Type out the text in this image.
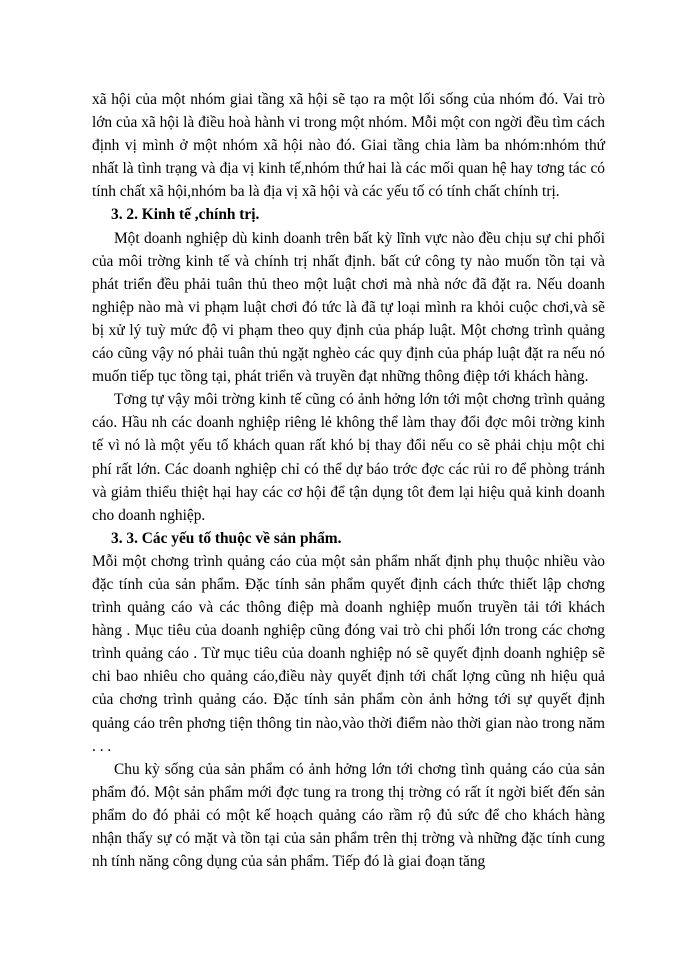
xã hội của một nhóm giai tầng xã hội sẽ tạo ra một lối sống của nhóm đó. Vai trò lớn của xã hội là điều hoà hành vi trong một nhóm. Mỗi một con ngời đều tìm cách định vị mình ở một nhóm xã hội nào đó. Giai tầng chia làm ba nhóm:nhóm thứ nhất là tình trạng và địa vị kinh tế,nhóm thứ hai là các mối quan hệ hay tơng tác có tính chất xã hội,nhóm ba là địa vị xã hội và các yếu tố có tính chất chính trị.

3. 2. Kinh tế ,chính trị.

Một doanh nghiệp dù kinh doanh trên bất kỳ lĩnh vực nào đều chịu sự chi phối của môi trờng kinh tế và chính trị nhất định. bất cứ công ty nào muốn tồn tại và phát triển đều phải tuân thủ theo một luật chơi mà nhà nớc đã đặt ra. Nếu doanh nghiệp nào mà vi phạm luật chơi đó tức là đã tự loại mình ra khỏi cuộc chơi,và sẽ bị xử lý tuỳ mức độ vi phạm theo quy định của pháp luật. Một chơng trình quảng cáo cũng vậy nó phải tuân thủ ngặt nghèo các quy định của pháp luật đặt ra nếu nó muốn tiếp tục tồng tại, phát triển và truyền đạt những thông điệp tới khách hàng.

Tơng tự vậy môi trờng kinh tế cũng có ảnh hởng lớn tới một chơng trình quảng cáo. Hầu nh các doanh nghiệp riêng lẻ không thể làm thay đổi đợc môi trờng kinh tế vì nó là một yếu tố khách quan rất khó bị thay đổi nếu co sẽ phải chịu một chi phí rất lớn. Các doanh nghiệp chỉ có thể dự báo trớc đợc các rủi ro để phòng tránh và giảm thiểu thiệt hại hay các cơ hội để tận dụng tôt đem lại hiệu quả kinh doanh cho doanh nghiệp.

3. 3. Các yếu tố thuộc về sản phẩm.

Mỗi một chơng trình quảng cáo của một sản phẩm nhất định phụ thuộc nhiều vào đặc tính của sản phẩm. Đặc tính sản phẩm quyết định cách thức thiết lập chơng trình quảng cáo và các thông điệp mà doanh nghiệp muốn truyền tải tới khách hàng . Mục tiêu của doanh nghiệp cũng đóng vai trò chi phối lớn trong các chơng trình quảng cáo . Từ mục tiêu của doanh nghiệp nó sẽ quyết định doanh nghiệp sẽ chi bao nhiêu cho quảng cáo,điều này quyết định tới chất lợng cũng nh hiệu quả của chơng trình quảng cáo. Đặc tính sản phẩm còn ảnh hởng tới sự quyết định quảng cáo trên phơng tiện thông tin nào,vào thời điểm nào thời gian nào trong năm . . .

Chu kỳ sống của sản phẩm có ảnh hởng lớn tới chơng tình quảng cáo của sản phẩm đó. Một sản phẩm mới đợc tung ra trong thị trờng có rất ít ngời biết đến sản phẩm do đó phải có một kế hoạch quảng cáo rầm rộ đủ sức để cho khách hàng nhận thấy sự có mặt và tồn tại của sản phẩm trên thị trờng và những đặc tính cung nh tính năng công dụng của sản phẩm. Tiếp đó là giai đoạn tăng
